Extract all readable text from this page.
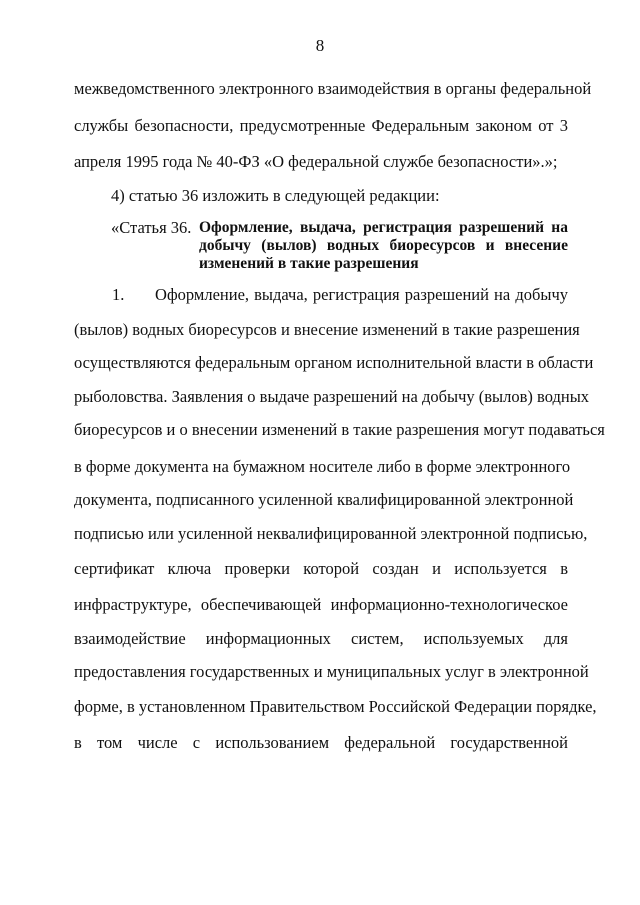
8
межведомственного электронного взаимодействия в органы федеральной
службы безопасности, предусмотренные Федеральным законом от 3
апреля 1995 года № 40-ФЗ «О федеральной службе безопасности».»;
4) статью 36 изложить в следующей редакции:
«Статья 36. Оформление, выдача, регистрация разрешений на
добычу (вылов) водных биоресурсов и внесение
изменений в такие разрешения
1.      Оформление, выдача, регистрация разрешений на добычу
(вылов) водных биоресурсов и внесение изменений в такие разрешения
осуществляются федеральным органом исполнительной власти в области
рыболовства. Заявления о выдаче разрешений на добычу (вылов) водных
биоресурсов и о внесении изменений в такие разрешения могут подаваться
в форме документа на бумажном носителе либо в форме электронного
документа, подписанного усиленной квалифицированной электронной
подписью или усиленной неквалифицированной электронной подписью,
сертификат ключа проверки которой создан и используется в
инфраструктуре, обеспечивающей информационно-технологическое
взаимодействие информационных систем, используемых для
предоставления государственных и муниципальных услуг в электронной
форме, в установленном Правительством Российской Федерации порядке,
в том числе с использованием федеральной государственной
